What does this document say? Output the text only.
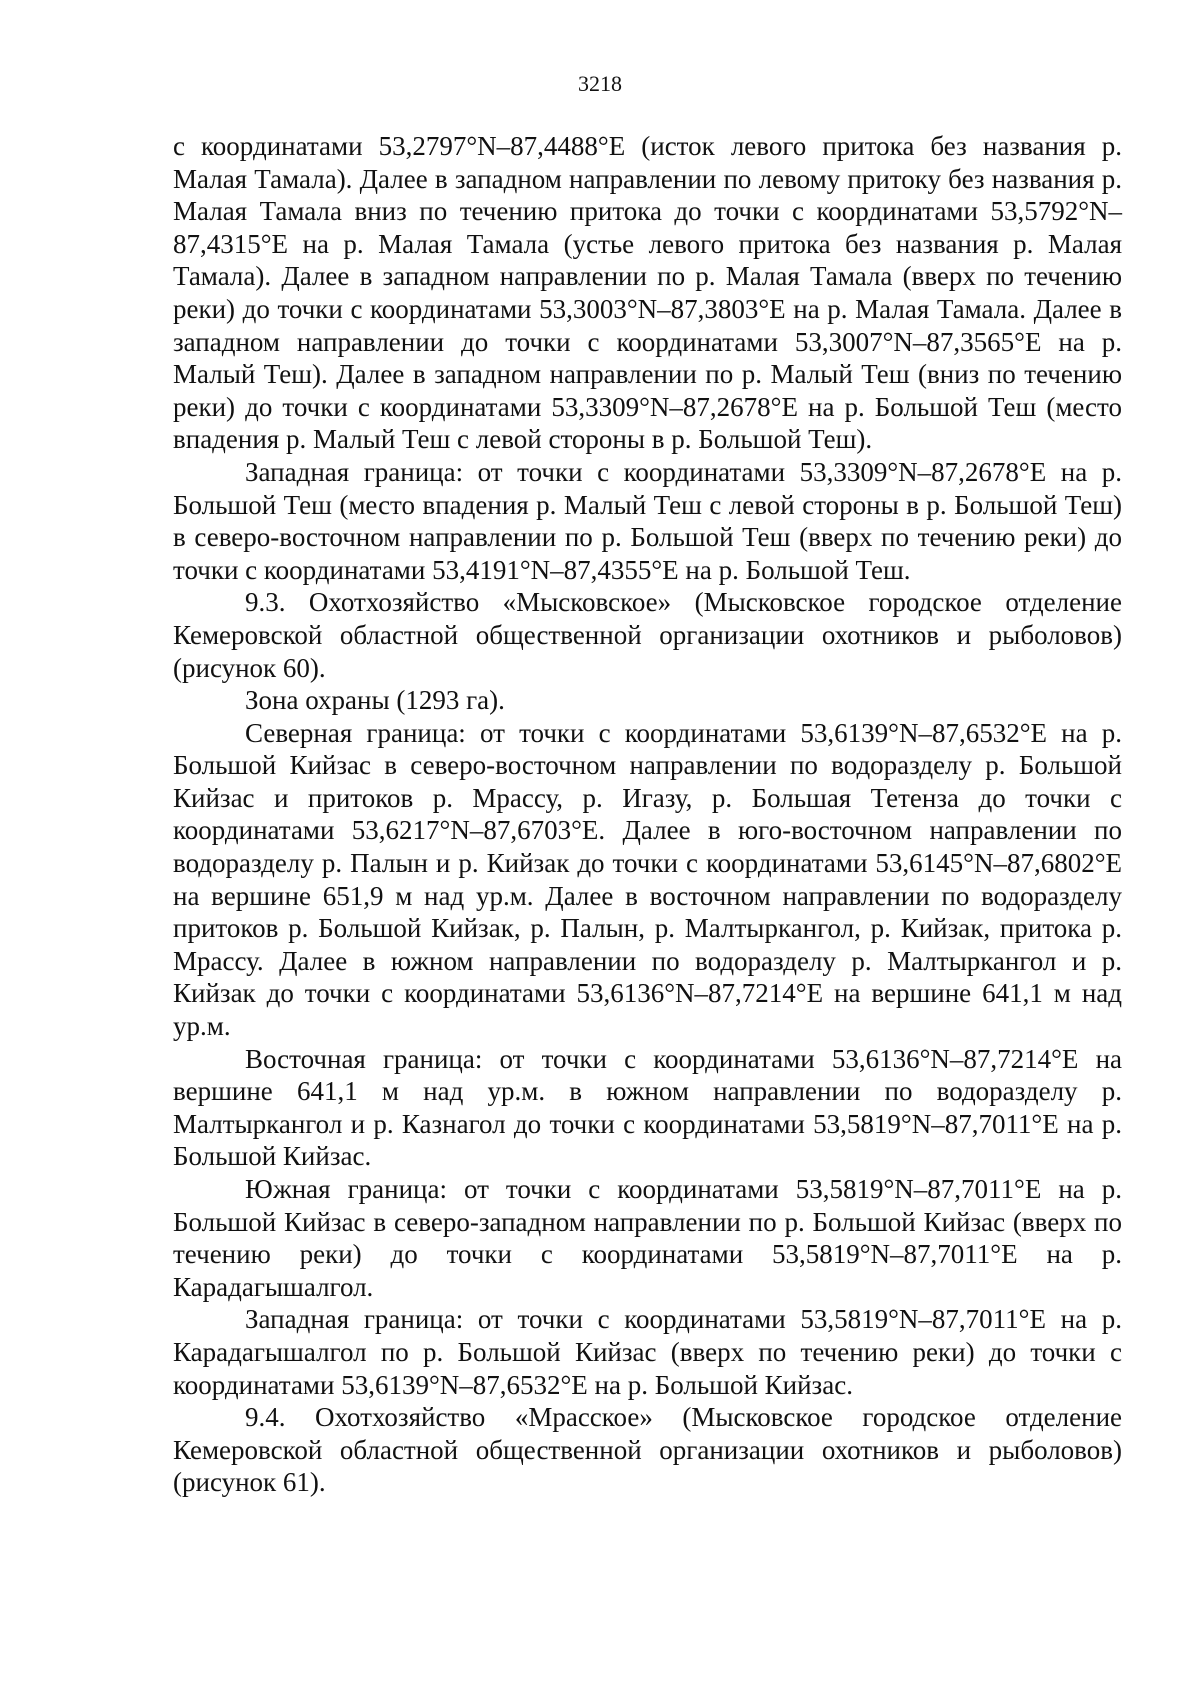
3218

с координатами 53,2797°N–87,4488°E (исток левого притока без названия р. Малая Тамала). Далее в западном направлении по левому притоку без названия р. Малая Тамала вниз по течению притока до точки с координатами 53,5792°N–87,4315°E на р. Малая Тамала (устье левого притока без названия р. Малая Тамала). Далее в западном направлении по р. Малая Тамала (вверх по течению реки) до точки с координатами 53,3003°N–87,3803°E на р. Малая Тамала. Далее в западном направлении до точки с координатами 53,3007°N–87,3565°E на р. Малый Теш). Далее в западном направлении по р. Малый Теш (вниз по течению реки) до точки с координатами 53,3309°N–87,2678°E на р. Большой Теш (место впадения р. Малый Теш с левой стороны в р. Большой Теш).

Западная граница: от точки с координатами 53,3309°N–87,2678°E на р. Большой Теш (место впадения р. Малый Теш с левой стороны в р. Большой Теш) в северо-восточном направлении по р. Большой Теш (вверх по течению реки) до точки с координатами 53,4191°N–87,4355°E на р. Большой Теш.

9.3. Охотхозяйство «Мысковское» (Мысковское городское отделение Кемеровской областной общественной организации охотников и рыболовов) (рисунок 60).

Зона охраны (1293 га).

Северная граница: от точки с координатами 53,6139°N–87,6532°E на р. Большой Кийзас в северо-восточном направлении по водоразделу р. Большой Кийзас и притоков р. Мрассу, р. Игазу, р. Большая Тетенза до точки с координатами 53,6217°N–87,6703°E. Далее в юго-восточном направлении по водоразделу р. Палын и р. Кийзак до точки с координатами 53,6145°N–87,6802°E на вершине 651,9 м над ур.м. Далее в восточном направлении по водоразделу притоков р. Большой Кийзак, р. Палын, р. Малтыркангол, р. Кийзак, притока р. Мрассу. Далее в южном направлении по водоразделу р. Малтыркангол и р. Кийзак до точки с координатами 53,6136°N–87,7214°E на вершине 641,1 м над ур.м.

Восточная граница: от точки с координатами 53,6136°N–87,7214°E на вершине 641,1 м над ур.м. в южном направлении по водоразделу р. Малтыркангол и р. Казнагол до точки с координатами 53,5819°N–87,7011°E на р. Большой Кийзас.

Южная граница: от точки с координатами 53,5819°N–87,7011°E на р. Большой Кийзас в северо-западном направлении по р. Большой Кийзас (вверх по течению реки) до точки с координатами 53,5819°N–87,7011°E на р. Карадагышалгол.

Западная граница: от точки с координатами 53,5819°N–87,7011°E на р. Карадагышалгол по р. Большой Кийзас (вверх по течению реки) до точки с координатами 53,6139°N–87,6532°E на р. Большой Кийзас.

9.4. Охотхозяйство «Мрасское» (Мысковское городское отделение Кемеровской областной общественной организации охотников и рыболовов) (рисунок 61).
